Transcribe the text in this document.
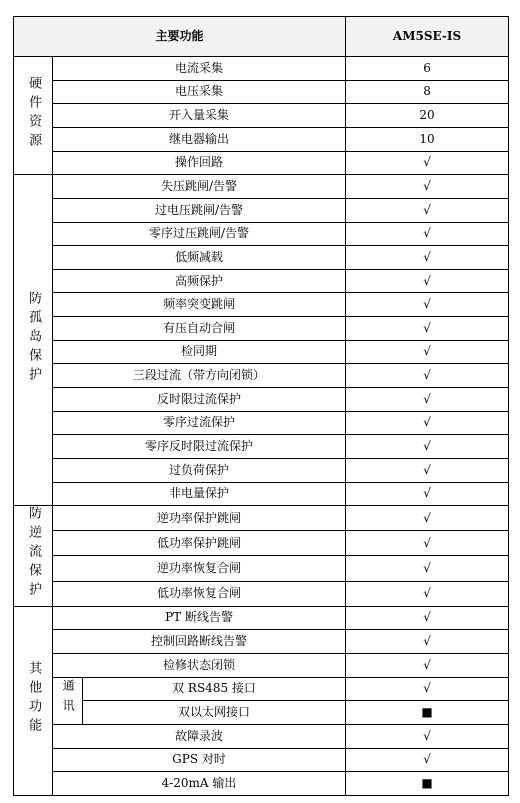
主要功能			AM5SE-IS
硬件资源	电流采集		6
	电压采集		8
	开入量采集		20
	继电器输出		10
	操作回路		√
防孤岛保护	失压跳闸/告警		√
	过电压跳闸/告警		√
	零序过压跳闸/告警		√
	低频减载		√
	高频保护		√
	频率突变跳闸		√
	有压自动合闸		√
	检同期		√
	三段过流（带方向闭锁）		√
	反时限过流保护		√
	零序过流保护		√
	零序反时限过流保护		√
	过负荷保护		√
	非电量保护		√
防逆流保护	逆功率保护跳闸		√
	低功率保护跳闸		√
	逆功率恢复合闸		√
	低功率恢复合闸		√
其他功能	PT 断线告警		√
	控制回路断线告警		√
	检修状态闭锁		√
	通讯	双 RS485 接口	√
		双以太网接口	■
	故障录波		√
	GPS 对时		√
	4-20mA 输出		■
